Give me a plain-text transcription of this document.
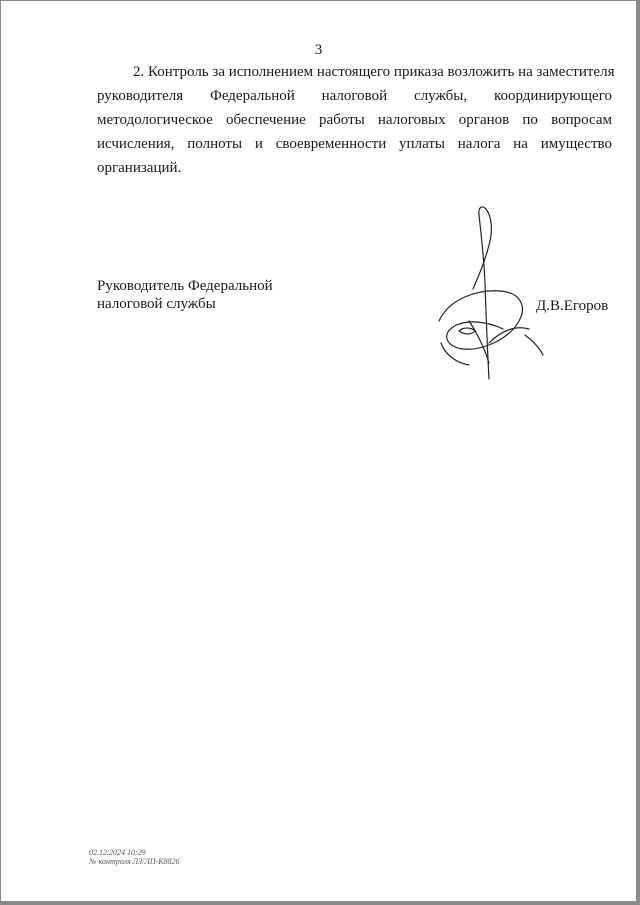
3
2. Контроль за исполнением настоящего приказа возложить на заместителя
руководителя Федеральной налоговой службы, координирующего
методологическое обеспечение работы налоговых органов по вопросам
исчисления, полноты и своевременности уплаты налога на имущество
организаций.
Руководитель Федеральной
налоговой службы	Д.В.Егоров
02.12.2024 10:29
№ контроля ЛЗ/ЛП-К8826
